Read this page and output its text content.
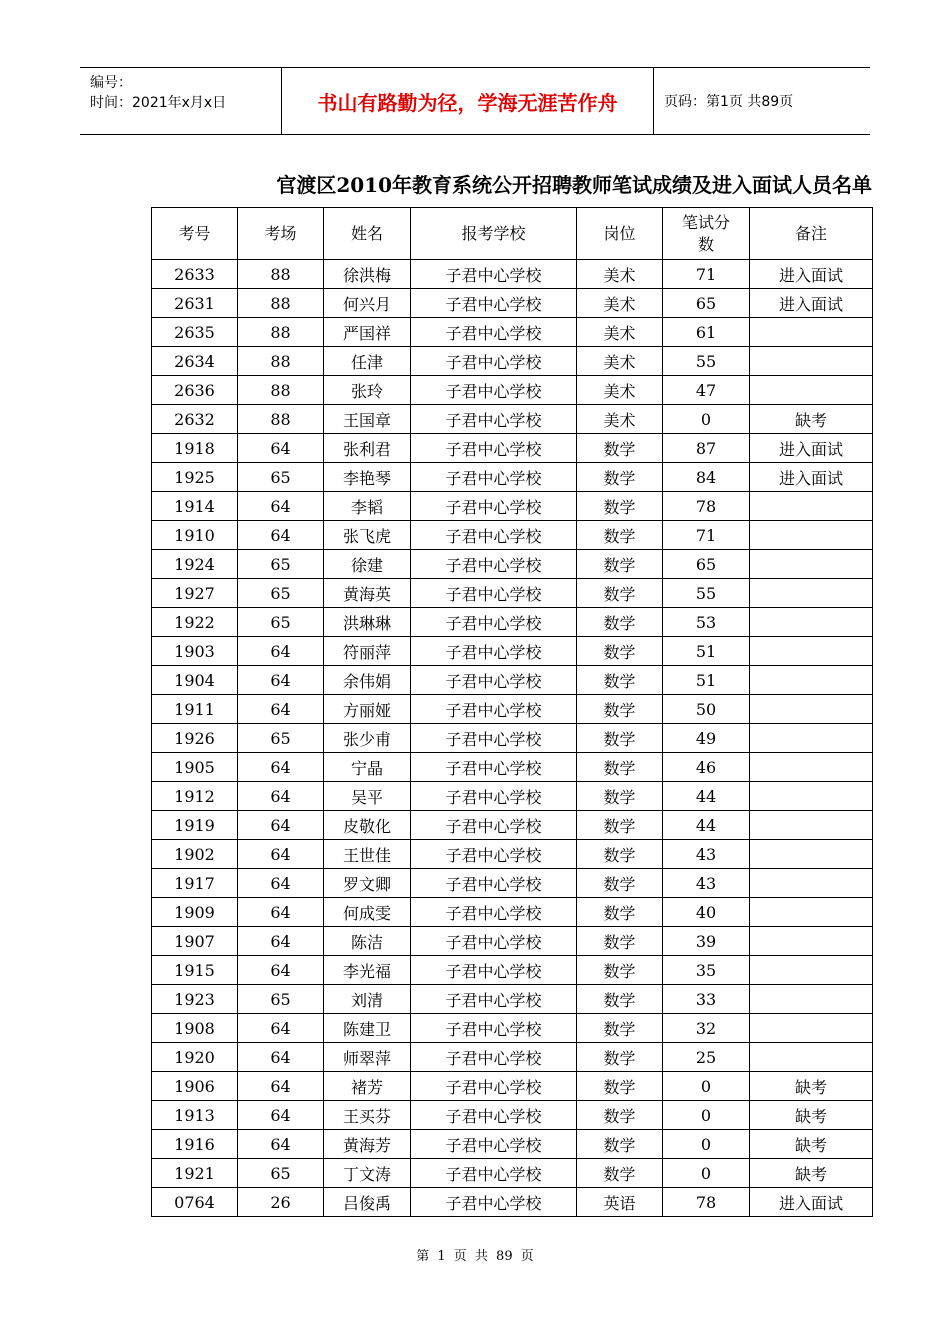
编号：
时间：2021年x月x日	书山有路勤为径，学海无涯苦作舟	页码：第1页 共89页
官渡区2010年教育系统公开招聘教师笔试成绩及进入面试人员名单
考号	考场	姓名	报考学校	岗位	笔试分数	备注
2633	88	徐洪梅	子君中心学校	美术	71	进入面试
2631	88	何兴月	子君中心学校	美术	65	进入面试
2635	88	严国祥	子君中心学校	美术	61	
2634	88	任津	子君中心学校	美术	55	
2636	88	张玲	子君中心学校	美术	47	
2632	88	王国章	子君中心学校	美术	0	缺考
1918	64	张利君	子君中心学校	数学	87	进入面试
1925	65	李艳琴	子君中心学校	数学	84	进入面试
1914	64	李韬	子君中心学校	数学	78	
1910	64	张飞虎	子君中心学校	数学	71	
1924	65	徐建	子君中心学校	数学	65	
1927	65	黄海英	子君中心学校	数学	55	
1922	65	洪琳琳	子君中心学校	数学	53	
1903	64	符丽萍	子君中心学校	数学	51	
1904	64	余伟娟	子君中心学校	数学	51	
1911	64	方丽娅	子君中心学校	数学	50	
1926	65	张少甫	子君中心学校	数学	49	
1905	64	宁晶	子君中心学校	数学	46	
1912	64	吴平	子君中心学校	数学	44	
1919	64	皮敬化	子君中心学校	数学	44	
1902	64	王世佳	子君中心学校	数学	43	
1917	64	罗文卿	子君中心学校	数学	43	
1909	64	何成雯	子君中心学校	数学	40	
1907	64	陈洁	子君中心学校	数学	39	
1915	64	李光福	子君中心学校	数学	35	
1923	65	刘清	子君中心学校	数学	33	
1908	64	陈建卫	子君中心学校	数学	32	
1920	64	师翠萍	子君中心学校	数学	25	
1906	64	褚芳	子君中心学校	数学	0	缺考
1913	64	王买芬	子君中心学校	数学	0	缺考
1916	64	黄海芳	子君中心学校	数学	0	缺考
1921	65	丁文涛	子君中心学校	数学	0	缺考
0764	26	吕俊禹	子君中心学校	英语	78	进入面试
第 1 页 共 89 页
